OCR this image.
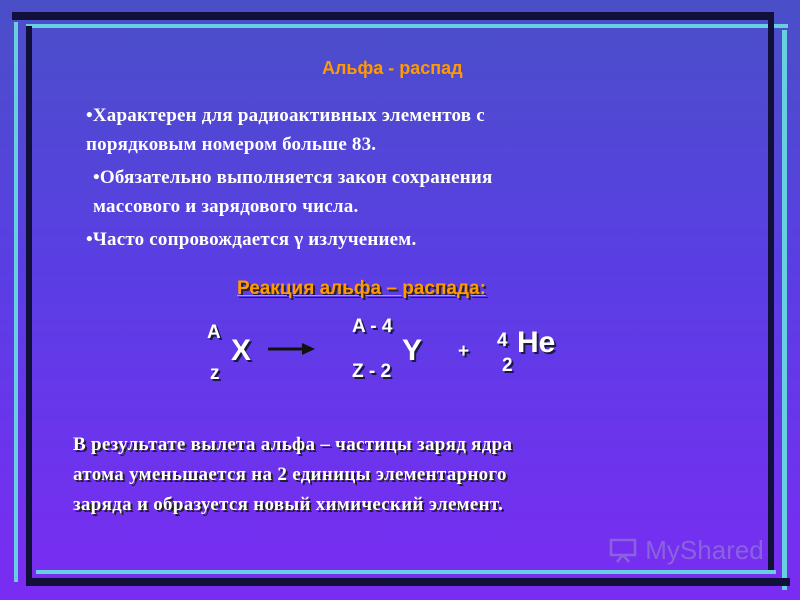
Альфа - распад
•Характерен для радиоактивных элементов с
порядковым номером больше 83.
•Обязательно выполняется закон сохранения
массового и зарядового числа.
•Часто сопровождается γ излучением.
Реакция альфа – распада:
A
X
z
A - 4
Y
Z - 2
+
4 He
2
В результате вылета альфа – частицы заряд ядра
атома уменьшается на 2 единицы элементарного
заряда и образуется новый химический элемент.
MyShared
